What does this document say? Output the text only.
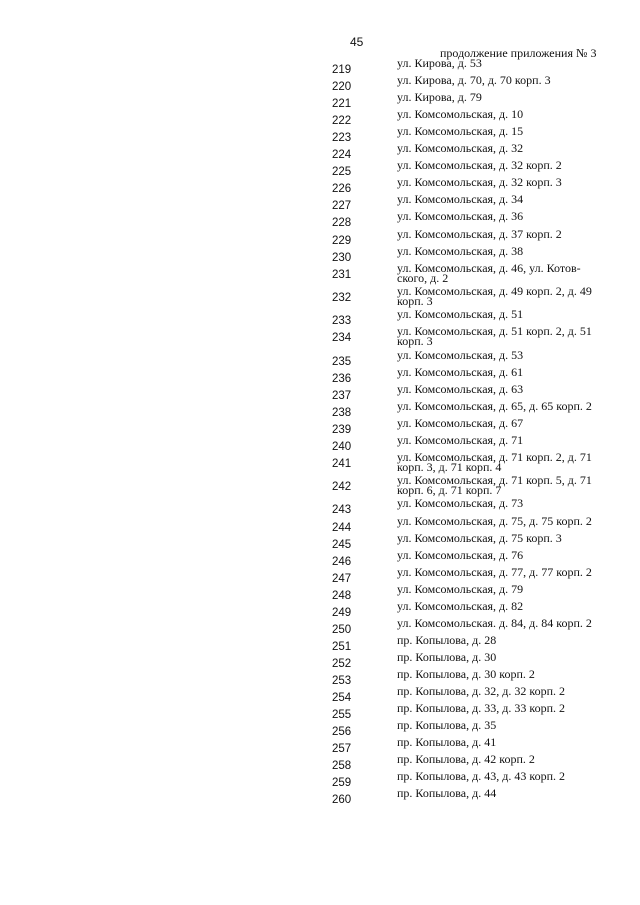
45
продолжение приложения № 3
219	ул. Кирова, д. 53
220	ул. Кирова, д. 70, д. 70 корп. 3
221	ул. Кирова, д. 79
222	ул. Комсомольская, д. 10
223	ул. Комсомольская, д. 15
224	ул. Комсомольская, д. 32
225	ул. Комсомольская, д. 32 корп. 2
226	ул. Комсомольская, д. 32 корп. 3
227	ул. Комсомольская, д. 34
228	ул. Комсомольская, д. 36
229	ул. Комсомольская, д. 37 корп. 2
230	ул. Комсомольская, д. 38
231	ул. Комсомольская, д. 46, ул. Котов-
ского, д. 2
232	ул. Комсомольская, д. 49 корп. 2, д. 49
корп. 3
233	ул. Комсомольская, д. 51
234	ул. Комсомольская, д. 51 корп. 2, д. 51
корп. 3
235	ул. Комсомольская, д. 53
236	ул. Комсомольская, д. 61
237	ул. Комсомольская, д. 63
238	ул. Комсомольская, д. 65, д. 65 корп. 2
239	ул. Комсомольская, д. 67
240	ул. Комсомольская, д. 71
241	ул. Комсомольская, д. 71 корп. 2, д. 71
корп. 3, д. 71 корп. 4
242	ул. Комсомольская, д. 71 корп. 5, д. 71
корп. 6, д. 71 корп. 7
243	ул. Комсомольская, д. 73
244	ул. Комсомольская, д. 75, д. 75 корп. 2
245	ул. Комсомольская, д. 75 корп. 3
246	ул. Комсомольская, д. 76
247	ул. Комсомольская, д. 77, д. 77 корп. 2
248	ул. Комсомольская, д. 79
249	ул. Комсомольская, д. 82
250	ул. Комсомольская. д. 84, д. 84 корп. 2
251	пр. Копылова, д. 28
252	пр. Копылова, д. 30
253	пр. Копылова, д. 30 корп. 2
254	пр. Копылова, д. 32, д. 32 корп. 2
255	пр. Копылова, д. 33, д. 33 корп. 2
256	пр. Копылова, д. 35
257	пр. Копылова, д. 41
258	пр. Копылова, д. 42 корп. 2
259	пр. Копылова, д. 43, д. 43 корп. 2
260	пр. Копылова, д. 44
